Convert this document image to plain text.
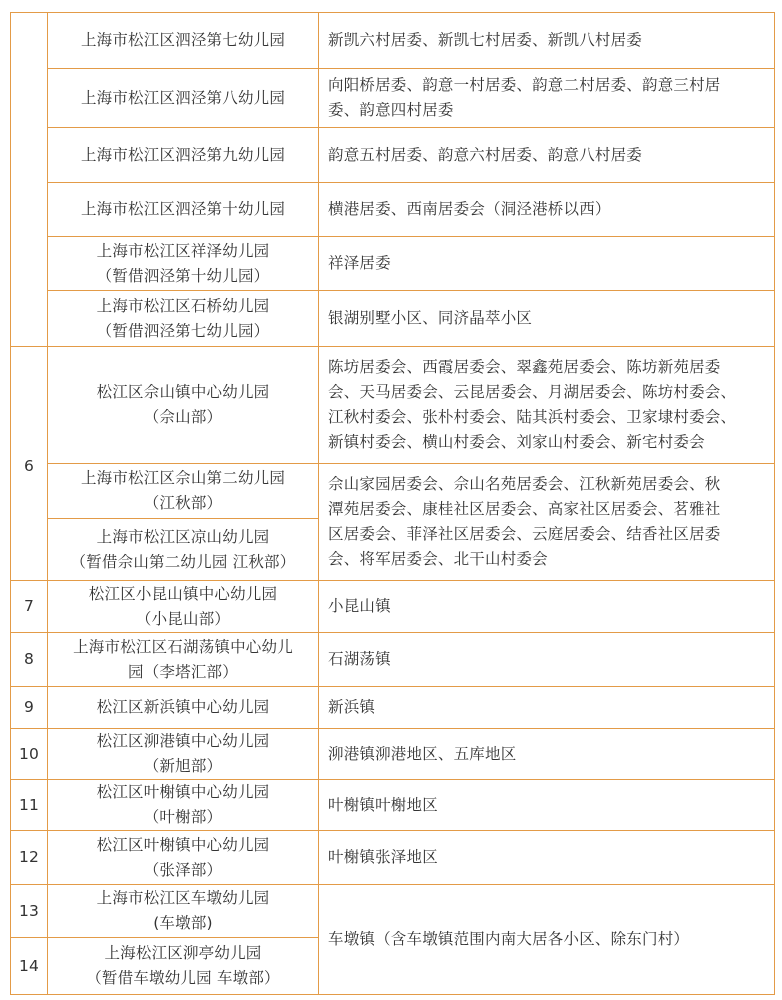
上海市松江区泗泾第七幼儿园
上海市松江区泗泾第八幼儿园
上海市松江区泗泾第九幼儿园
上海市松江区泗泾第十幼儿园
上海市松江区祥泽幼儿园
（暂借泗泾第十幼儿园）
上海市松江区石桥幼儿园
（暂借泗泾第七幼儿园）
松江区佘山镇中心幼儿园
（佘山部）
上海市松江区佘山第二幼儿园
（江秋部）
上海市松江区凉山幼儿园
（暂借佘山第二幼儿园 江秋部）
松江区小昆山镇中心幼儿园
（小昆山部）
上海市松江区石湖荡镇中心幼儿
园（李塔汇部）
松江区新浜镇中心幼儿园
松江区泖港镇中心幼儿园
（新旭部）
松江区叶榭镇中心幼儿园
（叶榭部）
松江区叶榭镇中心幼儿园
（张泽部）
上海市松江区车墩幼儿园
(车墩部)
上海松江区泖亭幼儿园
（暂借车墩幼儿园 车墩部）
新凯六村居委、新凯七村居委、新凯八村居委
向阳桥居委、韵意一村居委、韵意二村居委、韵意三村居
委、韵意四村居委
韵意五村居委、韵意六村居委、韵意八村居委
横港居委、西南居委会（洞泾港桥以西）
祥泽居委
银湖别墅小区、同济晶萃小区
陈坊居委会、西霞居委会、翠鑫苑居委会、陈坊新苑居委
会、天马居委会、云昆居委会、月湖居委会、陈坊村委会、
江秋村委会、张朴村委会、陆其浜村委会、卫家埭村委会、
新镇村委会、横山村委会、刘家山村委会、新宅村委会
佘山家园居委会、佘山名苑居委会、江秋新苑居委会、秋
潭苑居委会、康桂社区居委会、高家社区居委会、茗雅社
区居委会、菲泽社区居委会、云庭居委会、结香社区居委
会、将军居委会、北干山村委会
小昆山镇
石湖荡镇
新浜镇
泖港镇泖港地区、五库地区
叶榭镇叶榭地区
叶榭镇张泽地区
车墩镇（含车墩镇范围内南大居各小区、除东门村）
6
7
8
9
10
11
12
13
14
